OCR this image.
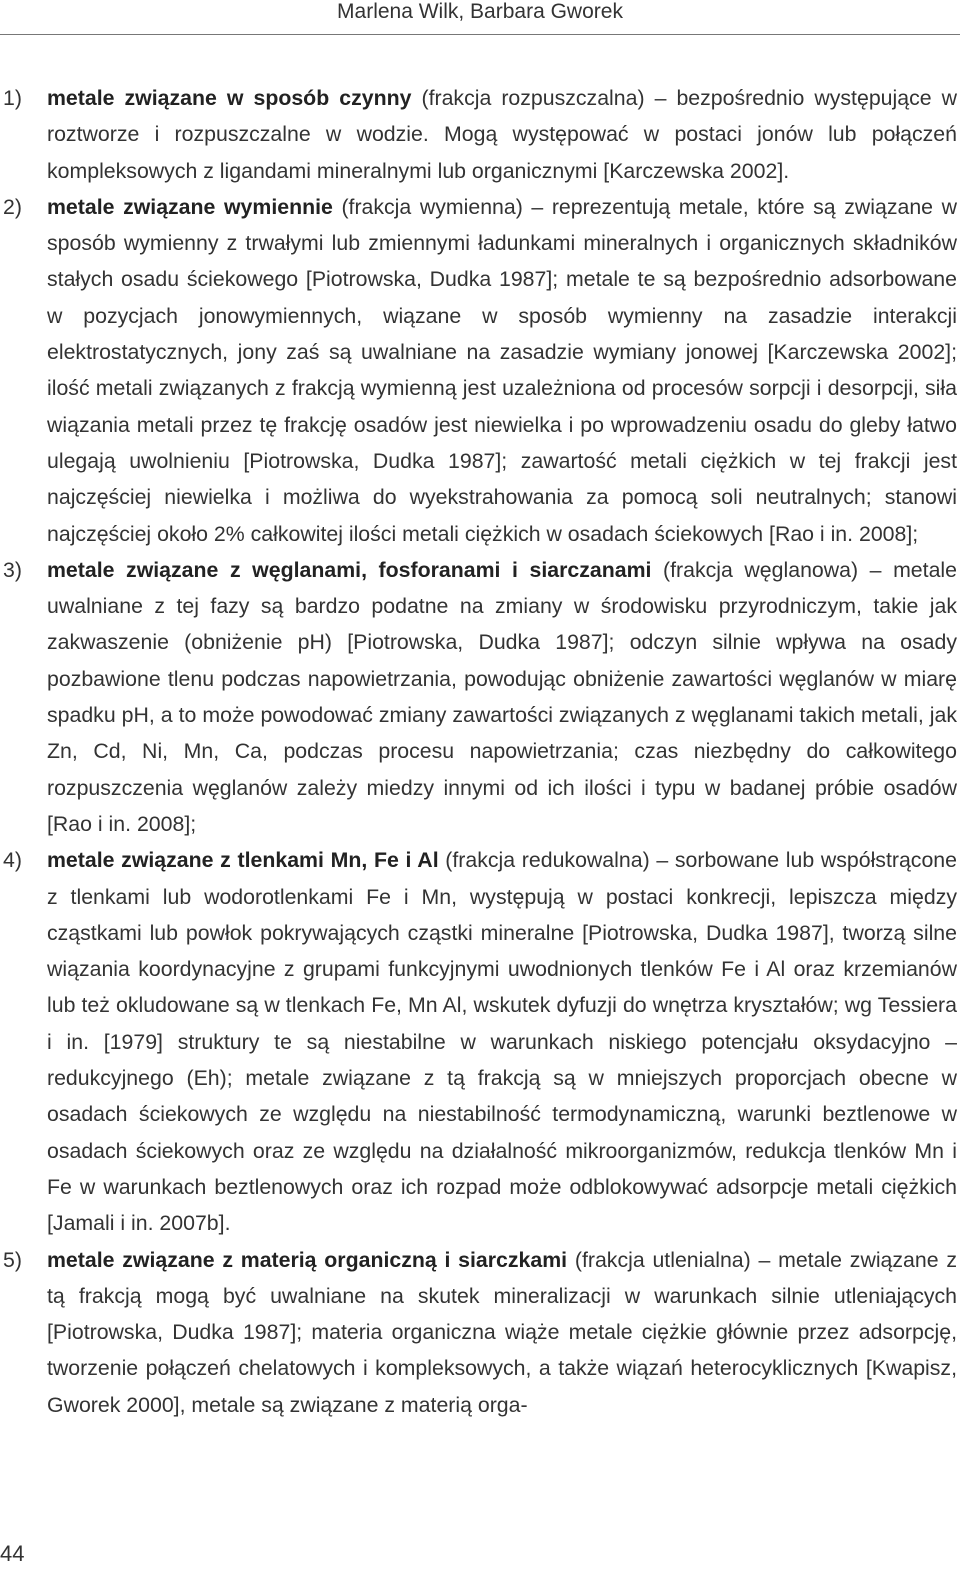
Marlena Wilk, Barbara Gworek
1) metale związane w sposób czynny (frakcja rozpuszczalna) – bezpośrednio występujące w roztworze i rozpuszczalne w wodzie. Mogą występować w postaci jonów lub połączeń kompleksowych z ligandami mineralnymi lub organicznymi [Karczewska 2002].
2) metale związane wymiennie (frakcja wymienna) – reprezentują metale, które są związane w sposób wymienny z trwałymi lub zmiennymi ładunkami mineralnych i organicznych składników stałych osadu ściekowego [Piotrowska, Dudka 1987]; metale te są bezpośrednio adsorbowane w pozycjach jonowymiennych, wiązane w sposób wymienny na zasadzie interakcji elektrostatycznych, jony zaś są uwalniane na zasadzie wymiany jonowej [Karczewska 2002]; ilość metali związanych z frakcją wymienną jest uzależniona od procesów sorpcji i desorpcji, siła wiązania metali przez tę frakcję osadów jest niewielka i po wprowadzeniu osadu do gleby łatwo ulegają uwolnieniu [Piotrowska, Dudka 1987]; zawartość metali ciężkich w tej frakcji jest najczęściej niewielka i możliwa do wyekstrahowania za pomocą soli neutralnych; stanowi najczęściej około 2% całkowitej ilości metali ciężkich w osadach ściekowych [Rao i in. 2008];
3) metale związane z węglanami, fosforanami i siarczanami (frakcja węglanowa) – metale uwalniane z tej fazy są bardzo podatne na zmiany w środowisku przyrodniczym, takie jak zakwaszenie (obniżenie pH) [Piotrowska, Dudka 1987]; odczyn silnie wpływa na osady pozbawione tlenu podczas napowietrzania, powodując obniżenie zawartości węglanów w miarę spadku pH, a to może powodować zmiany zawartości związanych z węglanami takich metali, jak Zn, Cd, Ni, Mn, Ca, podczas procesu napowietrzania; czas niezbędny do całkowitego rozpuszczenia węglanów zależy miedzy innymi od ich ilości i typu w badanej próbie osadów [Rao i in. 2008];
4) metale związane z tlenkami Mn, Fe i Al (frakcja redukowalna) – sorbowane lub współstrącone z tlenkami lub wodorotlenkami Fe i Mn, występują w postaci konkrecji, lepiszcza między cząstkami lub powłok pokrywających cząstki mineralne [Piotrowska, Dudka 1987], tworzą silne wiązania koordynacyjne z grupami funkcyjnymi uwodnionych tlenków Fe i Al oraz krzemianów lub też okludowane są w tlenkach Fe, Mn Al, wskutek dyfuzji do wnętrza kryształów; wg Tessiera i in. [1979] struktury te są niestabilne w warunkach niskiego potencjału oksydacyjno – redukcyjnego (Eh); metale związane z tą frakcją są w mniejszych proporcjach obecne w osadach ściekowych ze względu na niestabilność termodynamiczną, warunki beztlenowe w osadach ściekowych oraz ze względu na działalność mikroorganizmów, redukcja tlenków Mn i Fe w warunkach beztlenowych oraz ich rozpad może odblokowywać adsorpcje metali ciężkich [Jamali i in. 2007b].
5) metale związane z materią organiczną i siarczkami (frakcja utlenialna) – metale związane z tą frakcją mogą być uwalniane na skutek mineralizacji w warunkach silnie utleniających [Piotrowska, Dudka 1987]; materia organiczna wiąże metale ciężkie głównie przez adsorpcję, tworzenie połączeń chelatowych i kompleksowych, a także wiązań heterocyklicznych [Kwapisz, Gworek 2000], metale są związane z materią orga-
44
